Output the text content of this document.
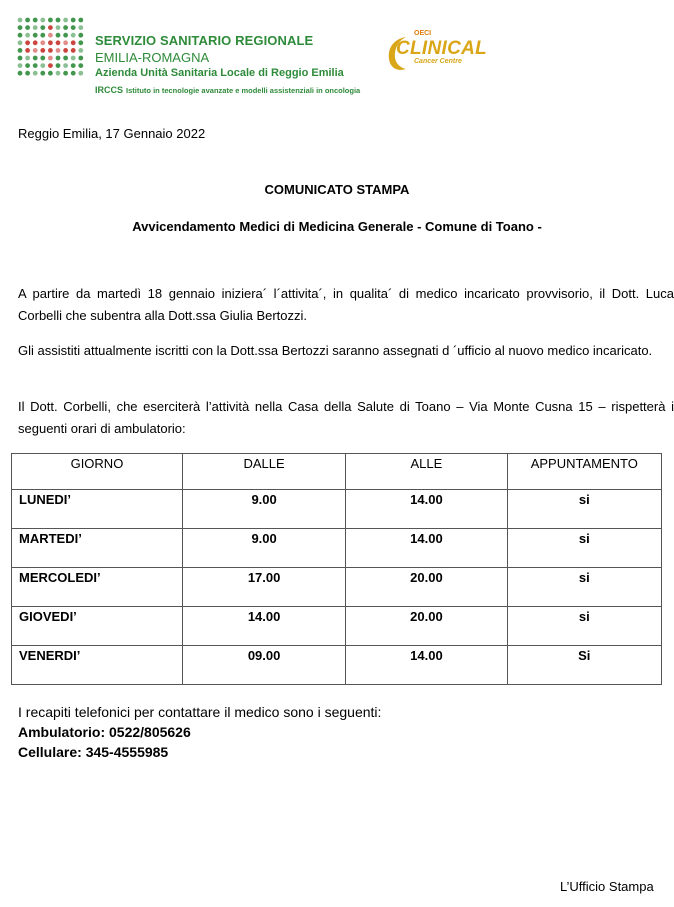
SERVIZIO SANITARIO REGIONALE
EMILIA-ROMAGNA
Azienda Unità Sanitaria Locale di Reggio Emilia
IRCCS Istituto in tecnologie avanzate e modelli assistenziali in oncologia
OECI
CLINICAL
Cancer Centre
Reggio Emilia, 17 Gennaio 2022
COMUNICATO STAMPA
Avvicendamento Medici di Medicina Generale - Comune di Toano -
A partire da martedì 18 gennaio iniziera´ l´attivita´, in qualita´ di medico incaricato provvisorio, il Dott. Luca Corbelli che subentra alla Dott.ssa Giulia Bertozzi.
Gli assistiti attualmente iscritti con la Dott.ssa Bertozzi saranno assegnati d ´ufficio al nuovo medico incaricato.
Il Dott. Corbelli, che eserciterà l’attività nella Casa della Salute di Toano – Via Monte Cusna 15 – rispetterà i seguenti orari di ambulatorio:
GIORNO	DALLE	ALLE	APPUNTAMENTO
LUNEDI’	9.00	14.00	si
MARTEDI’	9.00	14.00	si
MERCOLEDI’	17.00	20.00	si
GIOVEDI’	14.00	20.00	si
VENERDI’	09.00	14.00	Si
I recapiti telefonici per contattare il medico sono i seguenti:
Ambulatorio: 0522/805626
Cellulare: 345-4555985
L’Ufficio Stampa
